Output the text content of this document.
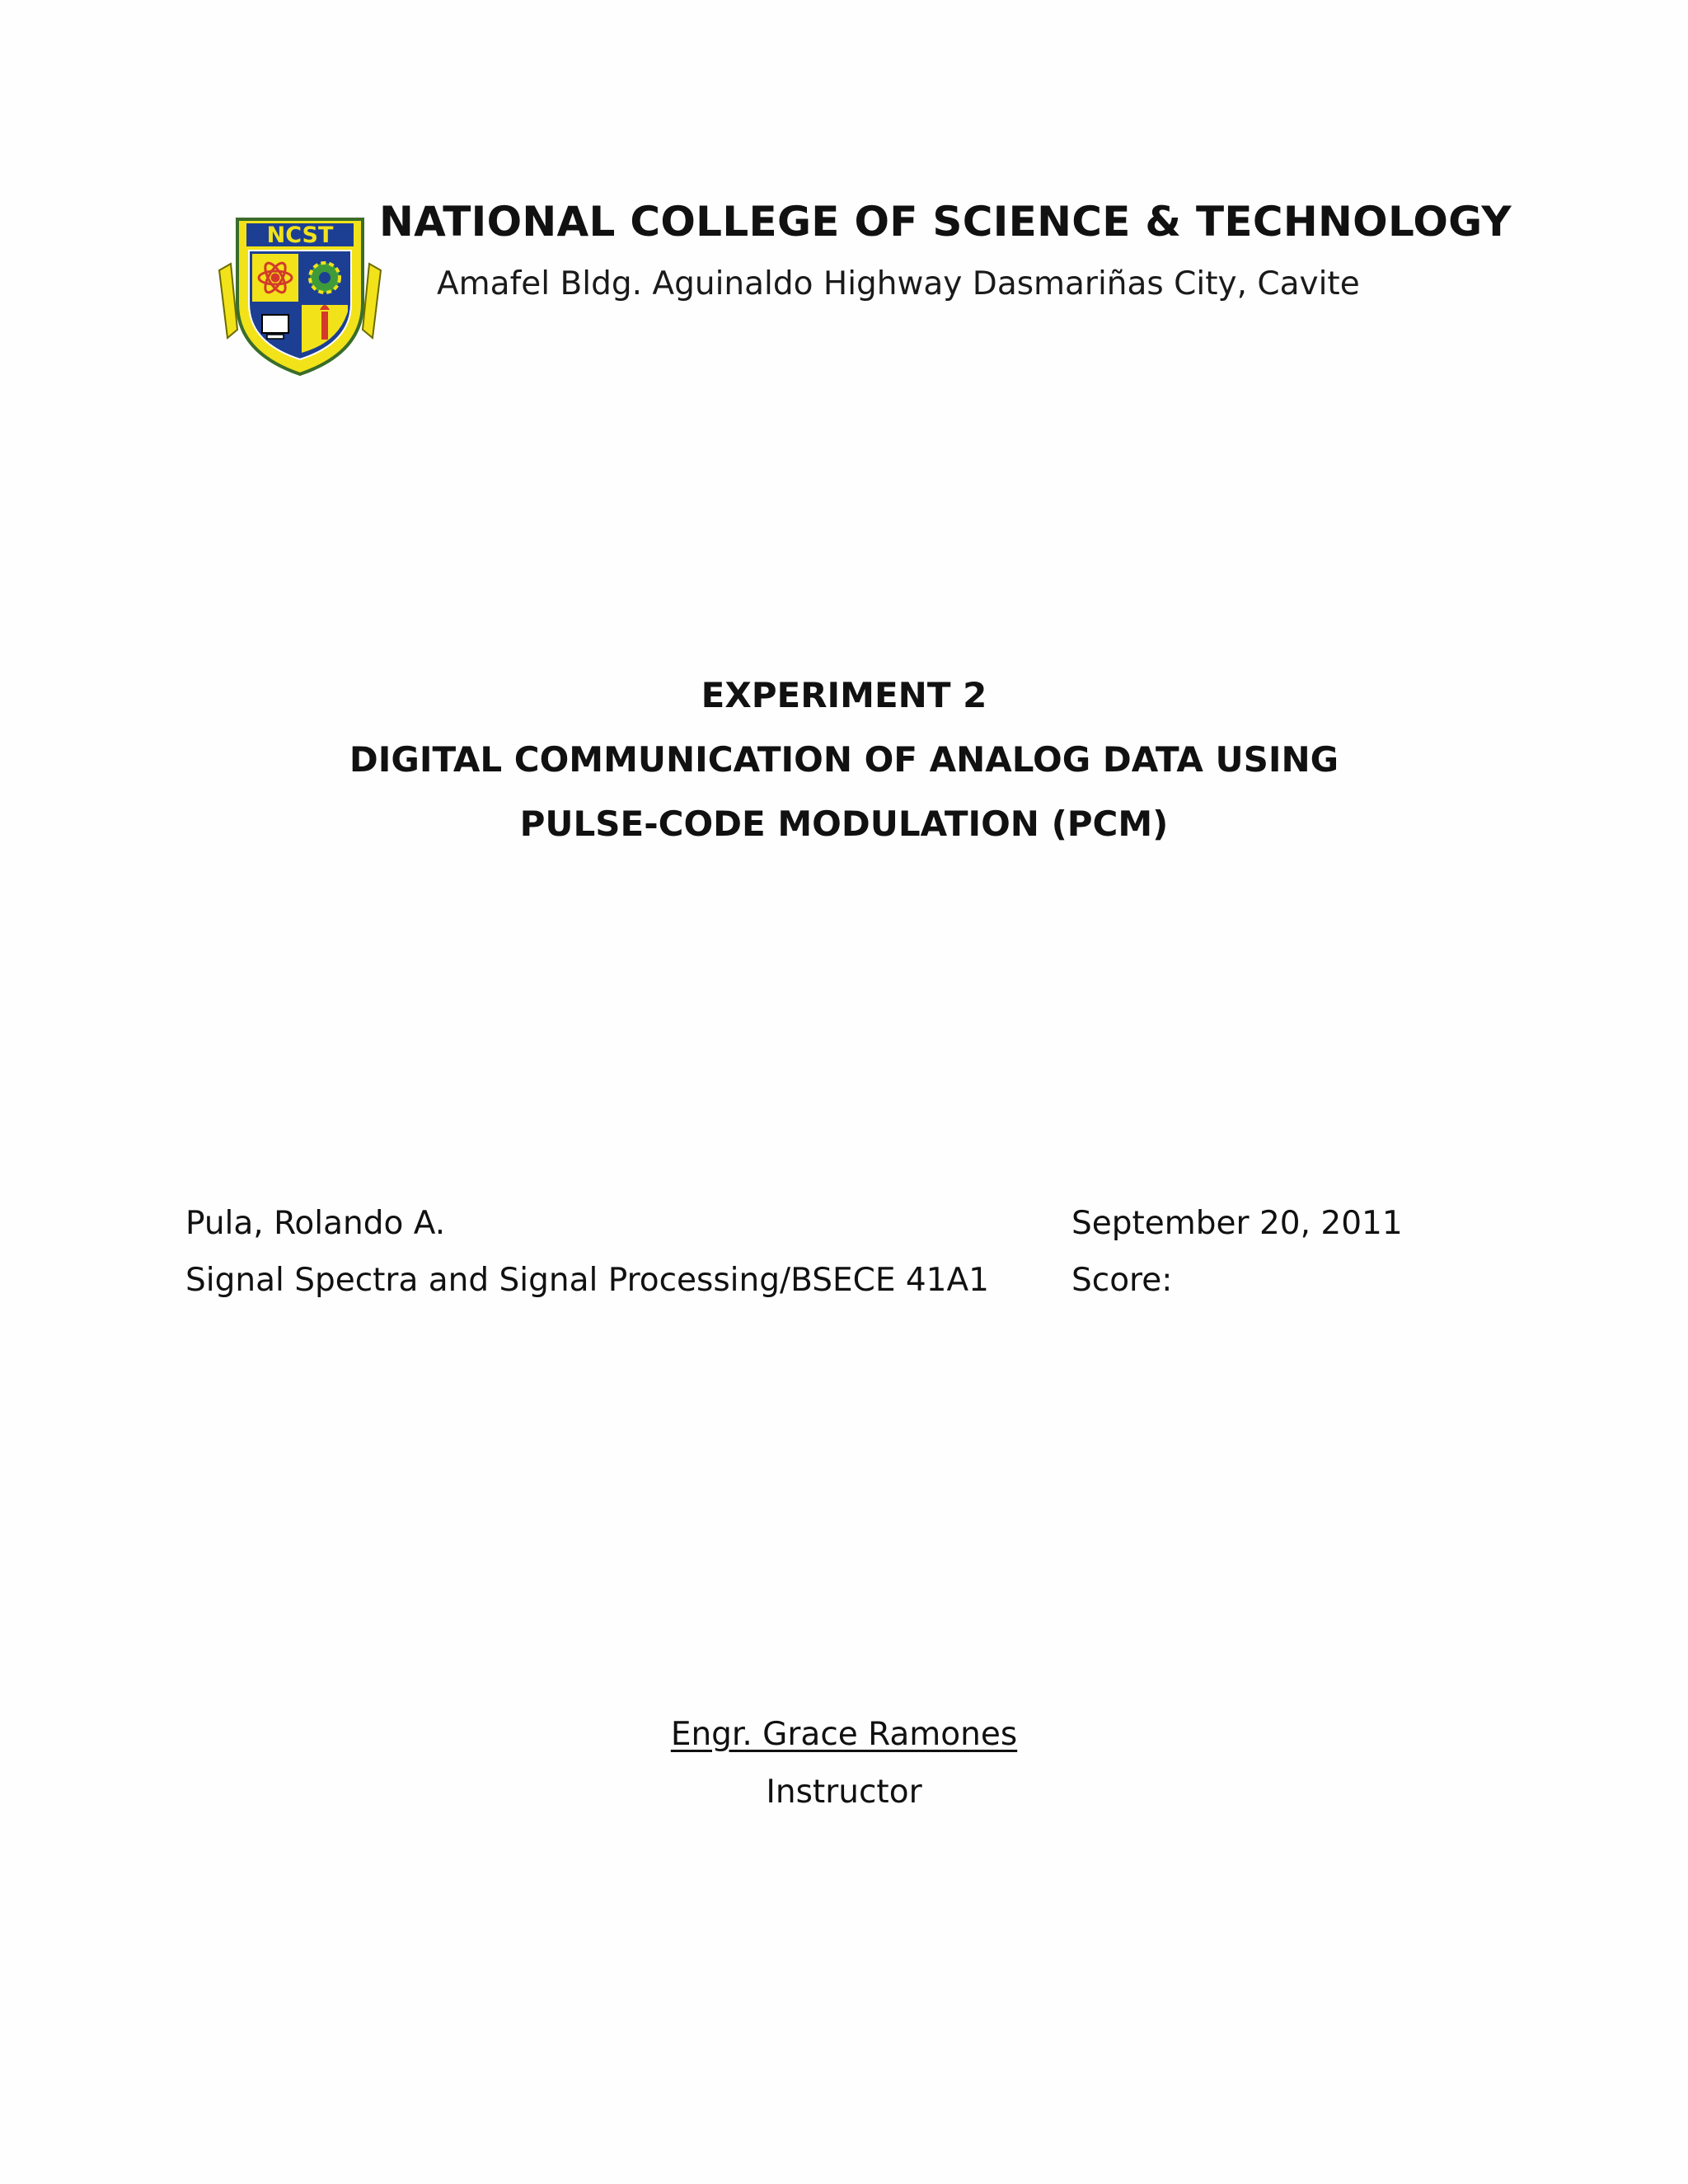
NCST NATIONAL COLLEGE OF SCIENCE & TECHNOLOGY
Amafel Bldg. Aguinaldo Highway Dasmariñas City, Cavite
EXPERIMENT 2
DIGITAL COMMUNICATION OF ANALOG DATA USING
PULSE-CODE MODULATION (PCM)
Pula, Rolando A.
Signal Spectra and Signal Processing/BSECE 41A1
September 20, 2011
Score:
Engr. Grace Ramones
Instructor
